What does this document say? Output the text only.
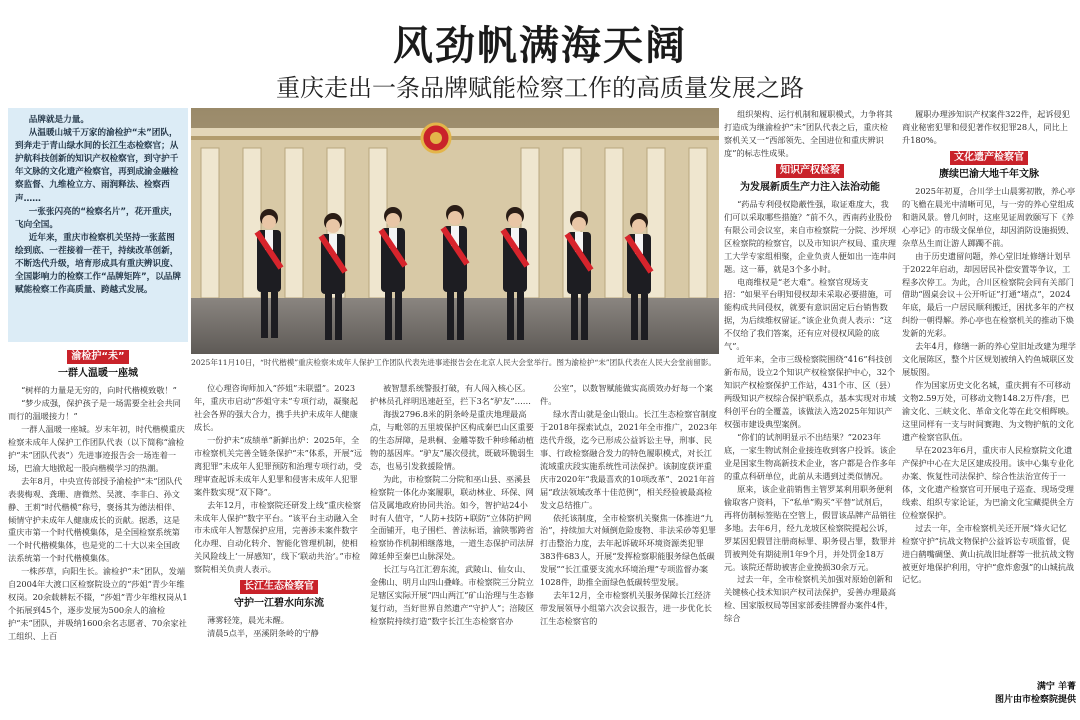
风劲帆满海天阔
重庆走出一条品牌赋能检察工作的高质量发展之路

品牌就是力量。

从温暖山城千万家的渝检护“未”团队，到奔走于青山绿水间的长江生态检察官；从护航科技创新的知识产权检察官，到守护千年文脉的文化遗产检察官，再到成渝金融检察监督、九维检立方、雨润释法、检察西声……

一张张闪亮的“检察名片”，花开重庆，飞向全国。

近年来，重庆市检察机关坚持一张蓝图绘到底、一茬接着一茬干，持续改革创新，不断迭代升级，培育形成具有重庆辨识度、全国影响力的检察工作“品牌矩阵”，以品牌赋能检察工作高质量、跨越式发展。

2025年11月10日，“时代楷模”重庆检察未成年人保护工作团队代表先进事迹报告会在北京人民大会堂举行。图为渝检护“未”团队代表在人民大会堂前留影。
渝检护“未”
一群人温暖一座城

“树样的力量是无穷的，向时代楷模致敬！”

“梦少成强，保护孩子是一场需要全社会共同而行的温暖接力！”

一群人温暖一座城。岁末年初，时代楷模重庆检察未成年人保护工作团队代表（以下简称“渝检护“未”团队代表”）先进事迹报告会一场连着一场，巴渝大地掀起一股向楷模学习的热潮。

去年8月，中央宣传部授予渝检护“未”团队代表裴梅观、龚珊、唐微然、吴渡、李非白、孙文静、王莉“时代楷模”称号，褒扬其为德法相伴、倾情守护未成年人健康成长的贡献。据悉，这是重庆市第一个时代楷模集体，是全国检察系统第一个时代楷模集体，也是党的二十大以来全国政法系统第一个时代楷模集体。

一株莎草，向阳生长。渝检护“未”团队，发端自2004年大渡口区检察院设立的“莎姐”青少年维权岗。20余载耕耘不辍，“莎姐”青少年维权岗从1个拓展到45个，逐步发展为500余人的渝检护“未”团队，并吸纳1600余名志愿者、70余家社工组织、上百

位心理咨询师加入“莎姐”未联盟”。2023年，重庆市启动“莎姐守未”专项行动，凝聚起社会各界的强大合力，携手共护未成年人健康成长。

一份护未“成绩单”新鲜出炉：2025年，全市检察机关完善全链条保护“未”体系，开展“远离犯罪”未成年人犯罪预防和治理专项行动，受理审查起诉未成年人犯罪和侵害未成年人犯罪案件数实现“双下降”。

去年12月，市检察院还研发上线“重庆检察未成年人保护”数字平台。“该平台主动融入全市未成年人智慧保护应用，完善涉未案件数字化办理、自动化转介、智能化管理机制，使相关风险线上‘一屏感知’，线下‘联动共治’。”市检察院相关负责人表示。

长江生态检察官
守护一江碧水向东流

薄雾轻笼，晨光未醒。

清晨5点半，巫溪阴条岭的宁静

被智慧系统警报打破，有人闯入核心区。护林员孔祥明迅速赶至，拦下3名“驴友”……

海拔2796.8米的阴条岭是重庆地理最高点，与毗邻的五里坡保护区构成秦巴山区重要的生态屏障，是珙桐、金雕等数千种珍稀动植物的基因库。“驴友”屡次侵扰，既破坏脆弱生态，也易引发救援险情。

为此，市检察院二分院和巫山县、巫溪县检察院一体化办案履职，联动林业、环保、网信及属地政府协同共治。如今，智护站24小时有人值守，“人防+技防+联防”立体防护网全面铺开，电子围栏、普法标语，渝陕鄂跨省检察协作机制相继落地，一道生态保护司法屏障延伸至秦巴山脉深处。

长江与乌江汇碧东流，武陵山、仙女山、金佛山、明月山四山叠峰。市检察院三分院立足辖区实际开展“四山两江”矿山治理与生态修复行动，当好世界自然遗产“守护人”；涪陵区检察院持续打造“数字长江生态检察官办

公室”，以数智赋能做实高质效办好每一个案件。

绿水青山就是金山银山。长江生态检察官制度于2018年探索试点，2021年全市推广，2023年迭代升级，迄今已形成公益诉讼主导，刑事、民事、行政检察融合发力的特色履职模式，对长江流域重庆段实施系统性司法保护。该制度获评重庆市2020年“我最喜欢的10项改革”、2021年首届“政法领域改革十佳范例”，相关经验被最高检发文总结推广。

依托该制度，全市检察机关聚焦一体推进“九治”，持续加大对倾倒危险废物、非法采砂等犯罪打击整治力度，去年起诉破坏环境资源类犯罪383件683人，开展“发挥检察职能服务绿色低碳发展”“长江重要支流水环境治理”专项监督办案1028件，助推全面绿色低碳转型发展。

去年12月，全市检察机关服务保障长江经济带发展领导小组第六次会议报告，进一步优化长江生态检察官的

组织架构、运行机制和履职模式，力争将其打造成为继渝检护“未”团队代表之后，重庆检察机关又一“西部领先、全国进位和重庆辨识度”的标志性成果。

知识产权检察
为发展新质生产力注入法治动能

“药品专利侵权隐蔽性强，取证难度大，我们可以采取哪些措施？”前不久，西南药业股份有限公司会议室，来自市检察院一分院、沙坪坝区检察院的检察官，以及市知识产权局、重庆理工大学专家组相聚，企业负责人便如出一连串问题。这一幕，就是3个多小时。

电商维权是“老大难”。检察官现场支招：“如果平台明知侵权却未采取必要措施，可能构成共同侵权，就要有意识固定后台销售数据，为后续维权留证。”该企业负责人表示：“这不仅给了我们答案，还有应对侵权风险的底气”。

近年来，全市三级检察院围绕“416”科技创新布局，设立2个知识产权检察保护中心，32个知识产权检察保护工作站，431个市、区（县）两级知识产权综合保护联系点，基本实现对市域科创平台的全覆盖，该做法入选2025年知识产权强市建设典型案例。

“你们的试剂明显示不出结果？”2023年底，一家生物试剂企业接连收到客户投诉。该企业是国家生物高新技术企业，客户都是合作多年的重点科研单位，此前从未遇到过类似情况。

原来，该企业前销售主管罗某利用职务便利偷取客户资料，下“私单”购买“平替”试剂后，再将仿制标签贴在空管上，假冒该品牌产品销往多地。去年6月，经九龙坡区检察院提起公诉，罗某因犯假冒注册商标罪、职务侵占罪，数罪并罚被判处有期徒刑1年9个月，并处罚金18万元。该院还帮助被害企业挽损30余万元。

过去一年，全市检察机关加强对原始创新和关键核心技术知识产权司法保护，妥善办理最高检、国家版权局等国家部委挂牌督办案件4件，综合

履职办理涉知识产权案件322件，起诉侵犯商业秘密犯罪和侵犯著作权犯罪28人，同比上升180%。

文化遗产检察官
赓续巴渝大地千年文脉

2025年初夏，合川学士山晨雾初散，养心亭的飞檐在晨光中清晰可见，与一旁的养心堂组成和谐风景。曾几何时，这座见证周敦颐写下《养心亭记》的市级文保单位，却因消防设施损毁、杂草丛生而让游人踯躅不前。

由于历史遗留问题，养心堂旧址修缮计划早于2022年启动，却因居民补偿安置等争议，工程多次停工。为此，合川区检察院会同有关部门借助“圆桌会议＋公开听证”打通“堵点”，2024年底，最后一户居民顺利搬迁，困扰多年的产权纠纷一朝得解。养心亭也在检察机关的推动下焕发新的光彩。

去年4月，修缮一新的养心堂旧址改建为理学文化展陈区，整个片区规划被纳入钓鱼城联区发展版图。

作为国家历史文化名城，重庆拥有不可移动文物2.59万处，可移动文物148.2万件/套，巴渝文化、三峡文化、革命文化等在此交相辉映。这里同样有一支与时间赛跑、为文物护航的文化遗产检察官队伍。

早在2023年6月，重庆市人民检察院文化遗产保护中心在大足区建成投用。该中心集专业化办案、恢复性司法保护、综合性法治宣传于一体，文化遗产检察官可开展电子巡查、现场受理线索、组织专家论证，为巴渝文化宝藏提供全方位检察保护。

过去一年，全市检察机关还开展“烽火记忆 检察守护”抗战文物保护公益诉讼专项监督，促进白鹤嘴碉堡、黄山抗战旧址群等一批抗战文物被更好地保护利用，守护“愈炸愈强”的山城抗战记忆。

满宁 羊菁
图片由市检察院提供
